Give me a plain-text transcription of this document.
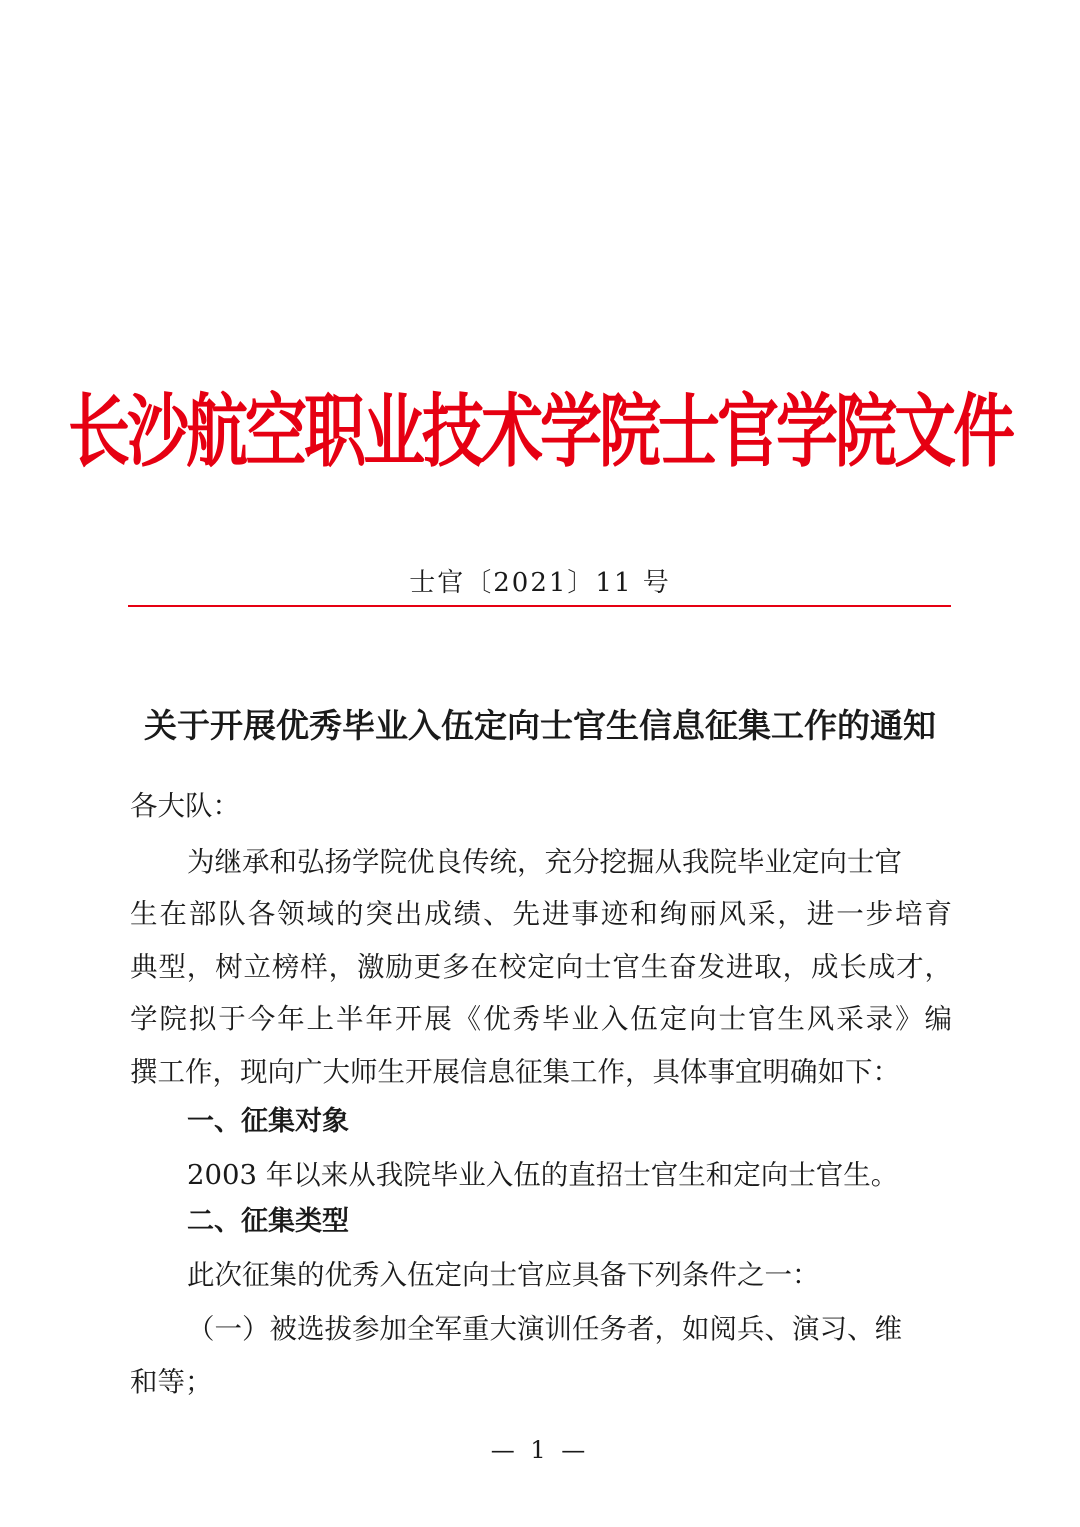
长沙航空职业技术学院士官学院文件
士官〔2021〕11 号
关于开展优秀毕业入伍定向士官生信息征集工作的通知
各大队：
为继承和弘扬学院优良传统，充分挖掘从我院毕业定向士官
生在部队各领域的突出成绩、先进事迹和绚丽风采，进一步培育
典型，树立榜样，激励更多在校定向士官生奋发进取，成长成才，
学院拟于今年上半年开展《优秀毕业入伍定向士官生风采录》编
撰工作，现向广大师生开展信息征集工作，具体事宜明确如下：
一、征集对象
2003 年以来从我院毕业入伍的直招士官生和定向士官生。
二、征集类型
此次征集的优秀入伍定向士官应具备下列条件之一：
（一）被选拔参加全军重大演训任务者，如阅兵、演习、维
和等；
— 1 —
